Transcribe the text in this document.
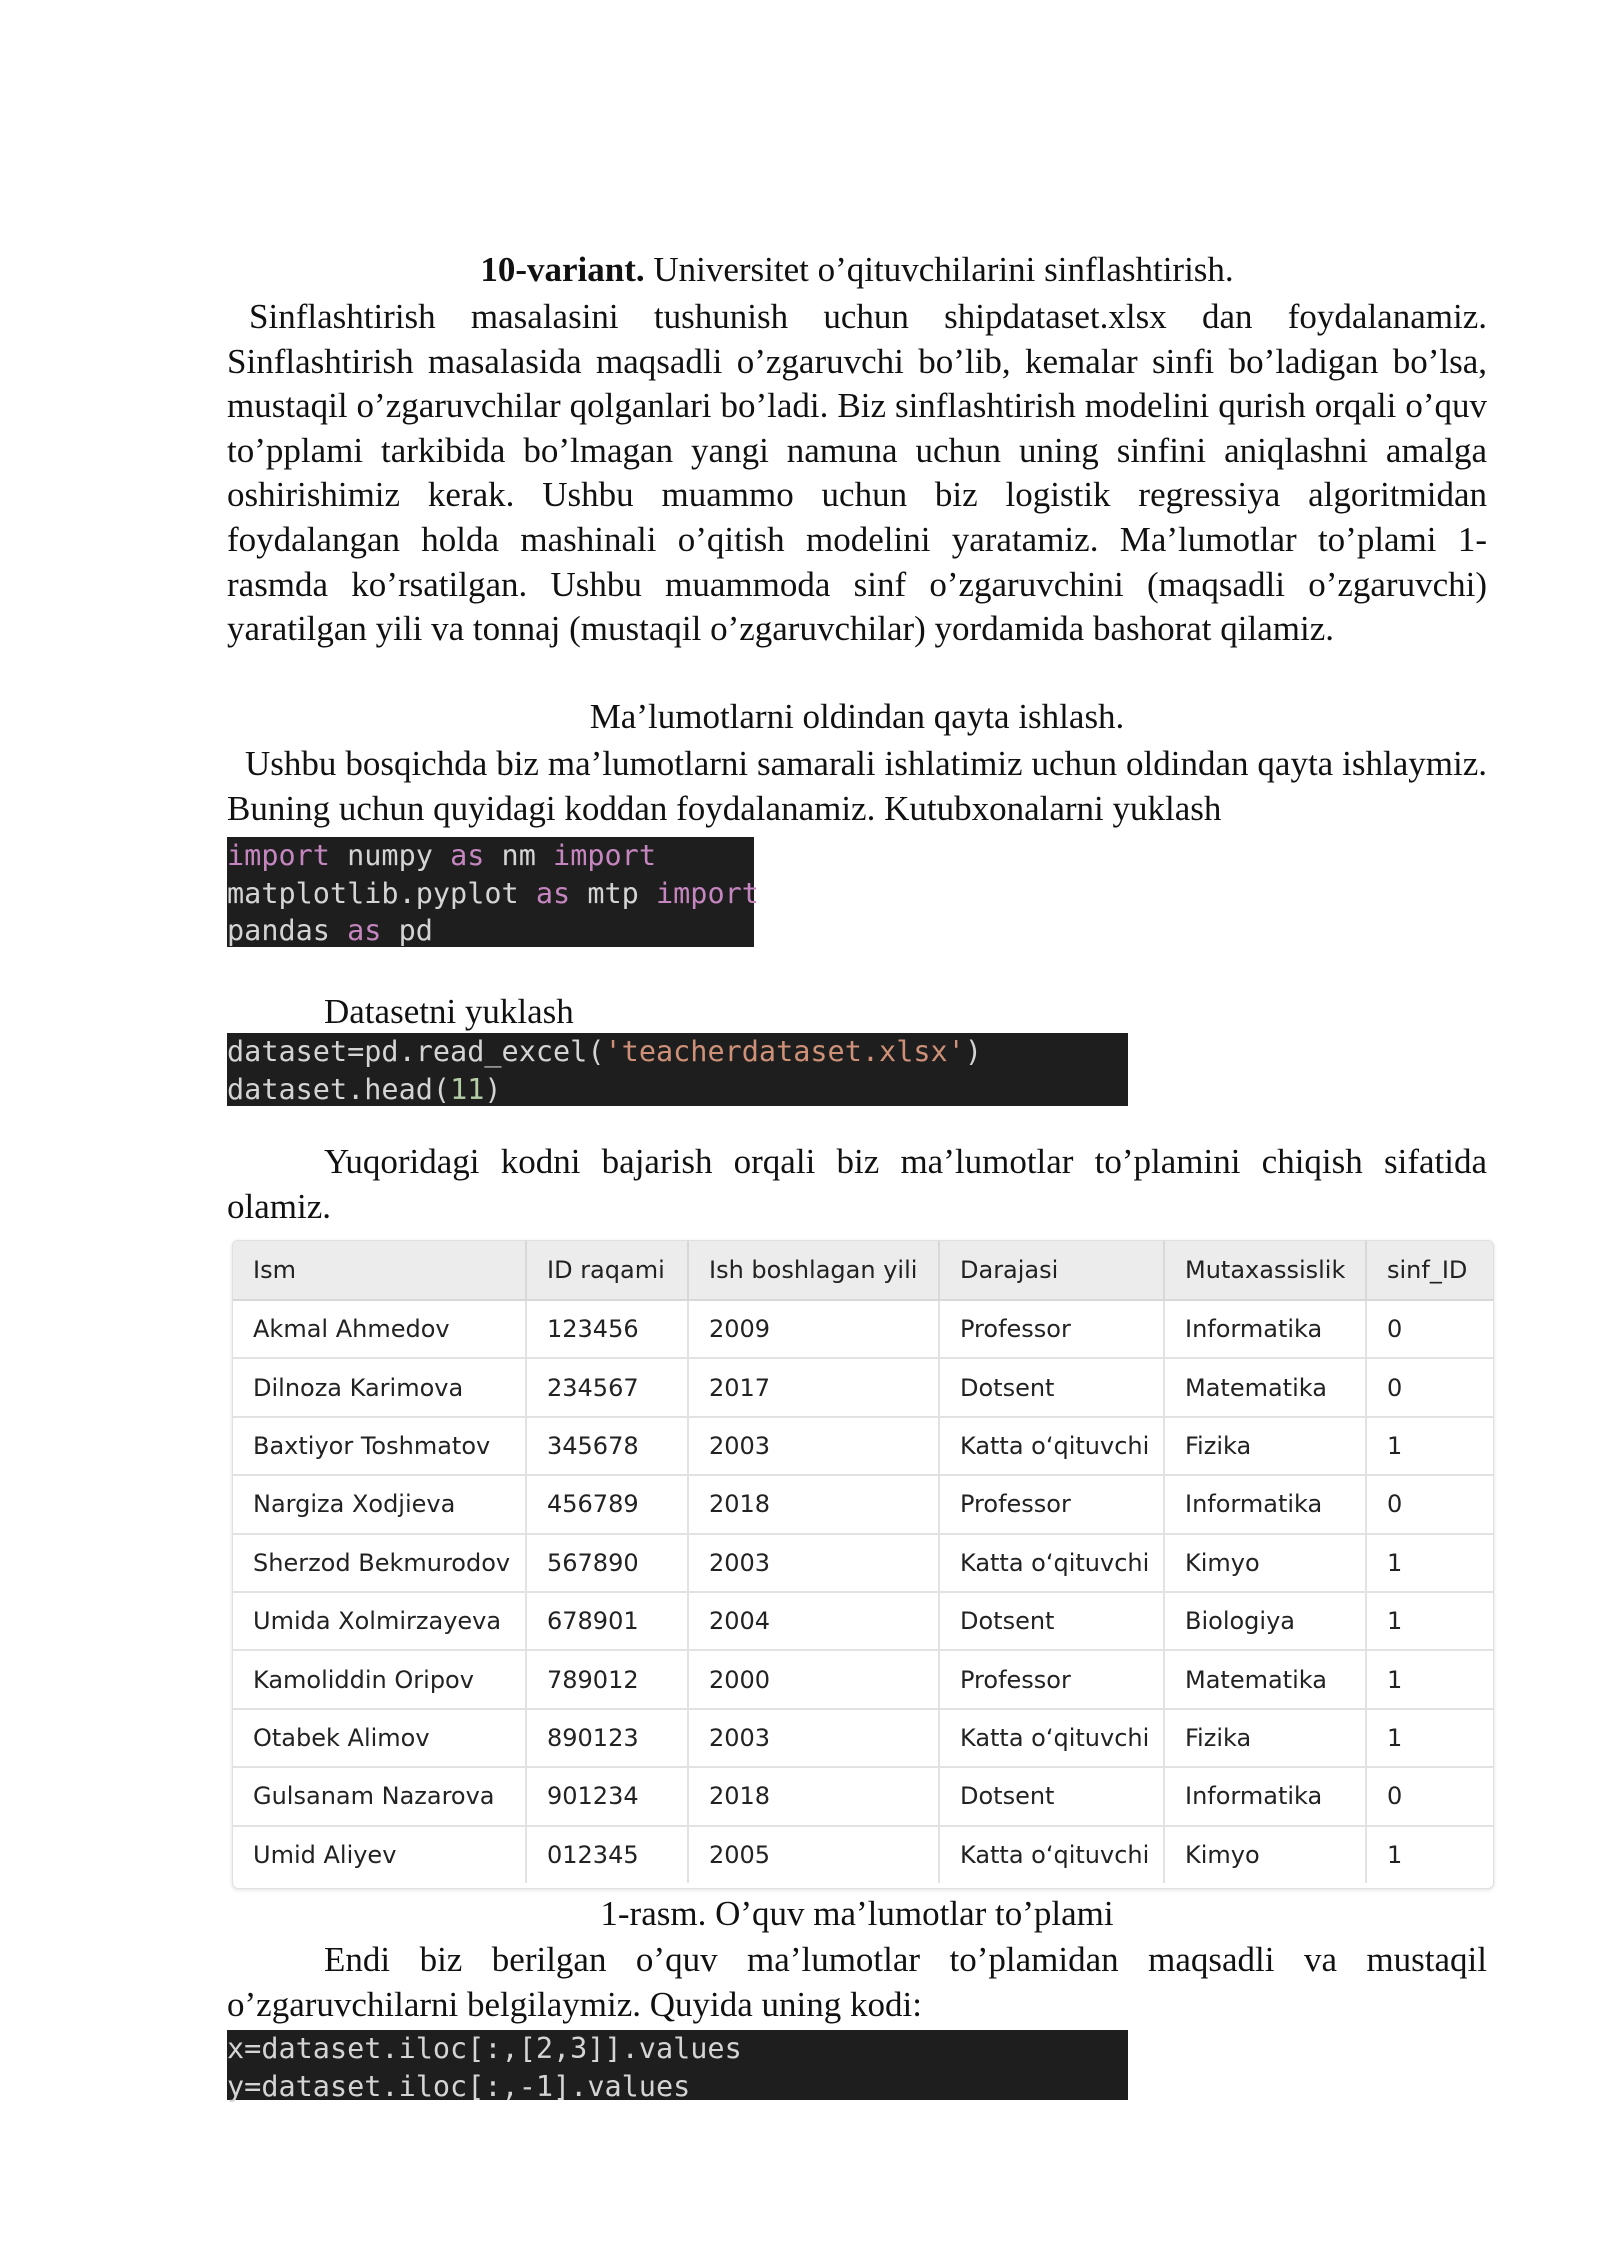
10-variant. Universitet o’qituvchilarini sinflashtirish.

Sinflashtirish masalasini tushunish uchun shipdataset.xlsx dan foydalanamiz. Sinflashtirish masalasida maqsadli o’zgaruvchi bo’lib, kemalar sinfi bo’ladigan bo’lsa, mustaqil o’zgaruvchilar qolganlari bo’ladi. Biz sinflashtirish modelini qurish orqali o’quv to’pplami tarkibida bo’lmagan yangi namuna uchun uning sinfini aniqlashni amalga oshirishimiz kerak. Ushbu muammo uchun biz logistik regressiya algoritmidan foydalangan holda mashinali o’qitish modelini yaratamiz. Ma’lumotlar to’plami 1-rasmda ko’rsatilgan. Ushbu muammoda sinf o’zgaruvchini (maqsadli o’zgaruvchi) yaratilgan yili va tonnaj (mustaqil o’zgaruvchilar) yordamida bashorat qilamiz.

Ma’lumotlarni oldindan qayta ishlash.

Ushbu bosqichda biz ma’lumotlarni samarali ishlatimiz uchun oldindan qayta ishlaymiz. Buning uchun quyidagi koddan foydalanamiz. Kutubxonalarni yuklash

import numpy as nm import
matplotlib.pyplot as mtp import
pandas as pd

Datasetni yuklash

dataset=pd.read_excel('teacherdataset.xlsx')
dataset.head(11)

Yuqoridagi kodni bajarish orqali biz ma’lumotlar to’plamini chiqish sifatida olamiz.

Ism	ID raqami	Ish boshlagan yili	Darajasi	Mutaxassislik	sinf_ID
Akmal Ahmedov	123456	2009	Professor	Informatika	0
Dilnoza Karimova	234567	2017	Dotsent	Matematika	0
Baxtiyor Toshmatov	345678	2003	Katta o‘qituvchi	Fizika	1
Nargiza Xodjieva	456789	2018	Professor	Informatika	0
Sherzod Bekmurodov	567890	2003	Katta o‘qituvchi	Kimyo	1
Umida Xolmirzayeva	678901	2004	Dotsent	Biologiya	1
Kamoliddin Oripov	789012	2000	Professor	Matematika	1
Otabek Alimov	890123	2003	Katta o‘qituvchi	Fizika	1
Gulsanam Nazarova	901234	2018	Dotsent	Informatika	0
Umid Aliyev	012345	2005	Katta o‘qituvchi	Kimyo	1

1-rasm. O’quv ma’lumotlar to’plami

Endi biz berilgan o’quv ma’lumotlar to’plamidan maqsadli va mustaqil o’zgaruvchilarni belgilaymiz. Quyida uning kodi:

x=dataset.iloc[:,[2,3]].values
y=dataset.iloc[:,-1].values
